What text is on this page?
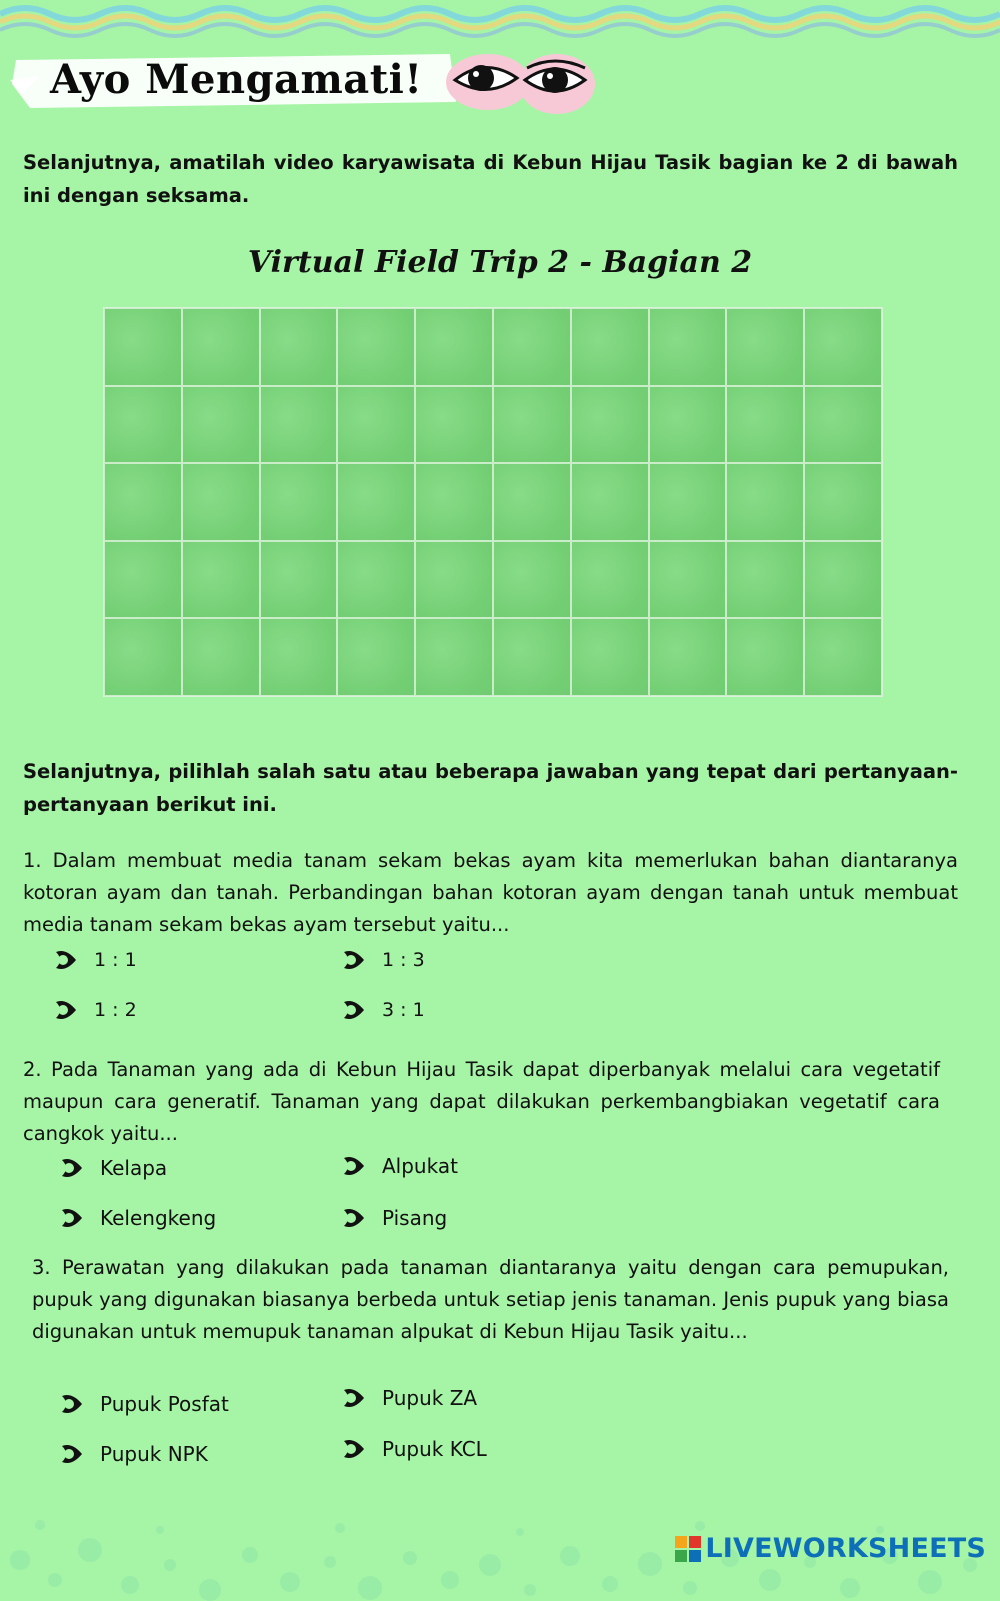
Ayo Mengamati!
Selanjutnya, amatilah video karyawisata di Kebun Hijau Tasik bagian ke 2 di bawah ini dengan seksama.
Virtual Field Trip 2 - Bagian 2
Selanjutnya, pilihlah salah satu atau beberapa jawaban yang tepat dari pertanyaan-pertanyaan berikut ini.
1. Dalam membuat media tanam sekam bekas ayam kita memerlukan bahan diantaranya kotoran ayam dan tanah. Perbandingan bahan kotoran ayam dengan tanah untuk membuat media tanam sekam bekas ayam tersebut yaitu...
1 : 1	1 : 3
1 : 2	3 : 1
2. Pada Tanaman yang ada di Kebun Hijau Tasik dapat diperbanyak melalui cara vegetatif maupun cara generatif. Tanaman yang dapat dilakukan perkembangbiakan vegetatif cara cangkok yaitu...
Kelapa	Alpukat
Kelengkeng	Pisang
3. Perawatan yang dilakukan pada tanaman diantaranya yaitu dengan cara pemupukan, pupuk yang digunakan biasanya berbeda untuk setiap jenis tanaman. Jenis pupuk yang biasa digunakan untuk memupuk tanaman alpukat di Kebun Hijau Tasik yaitu...
Pupuk Posfat	Pupuk ZA
Pupuk NPK	Pupuk KCL
LIVEWORKSHEETS
